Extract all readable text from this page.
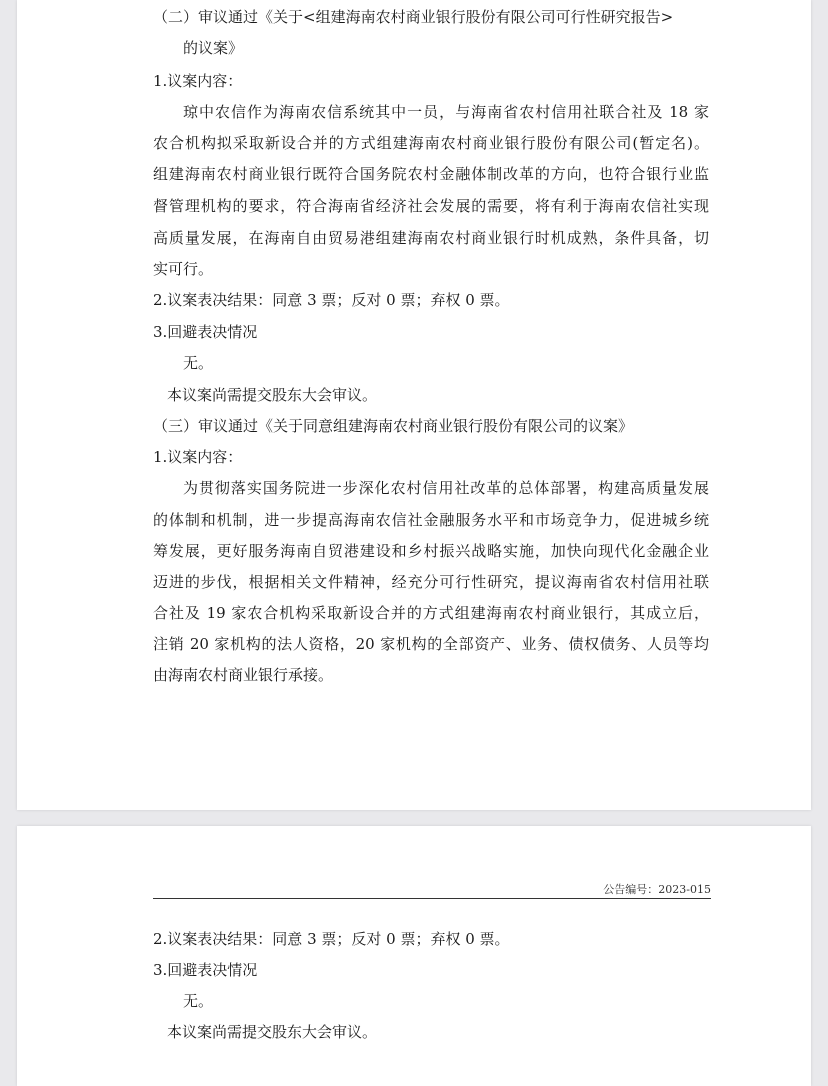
（二）审议通过《关于<组建海南农村商业银行股份有限公司可行性研究报告>
的议案》
1.议案内容：
琼中农信作为海南农信系统其中一员，与海南省农村信用社联合社及 18 家
农合机构拟采取新设合并的方式组建海南农村商业银行股份有限公司(暂定名)。
组建海南农村商业银行既符合国务院农村金融体制改革的方向，也符合银行业监
督管理机构的要求，符合海南省经济社会发展的需要，将有利于海南农信社实现
高质量发展，在海南自由贸易港组建海南农村商业银行时机成熟，条件具备，切
实可行。
2.议案表决结果：同意 3 票；反对 0 票；弃权 0 票。
3.回避表决情况
无。
本议案尚需提交股东大会审议。
（三）审议通过《关于同意组建海南农村商业银行股份有限公司的议案》
1.议案内容：
为贯彻落实国务院进一步深化农村信用社改革的总体部署，构建高质量发展
的体制和机制，进一步提高海南农信社金融服务水平和市场竞争力，促进城乡统
筹发展，更好服务海南自贸港建设和乡村振兴战略实施，加快向现代化金融企业
迈进的步伐，根据相关文件精神，经充分可行性研究，提议海南省农村信用社联
合社及 19 家农合机构采取新设合并的方式组建海南农村商业银行，其成立后，
注销 20 家机构的法人资格，20 家机构的全部资产、业务、债权债务、人员等均
由海南农村商业银行承接。
公告编号：2023-015
2.议案表决结果：同意 3 票；反对 0 票；弃权 0 票。
3.回避表决情况
无。
本议案尚需提交股东大会审议。
